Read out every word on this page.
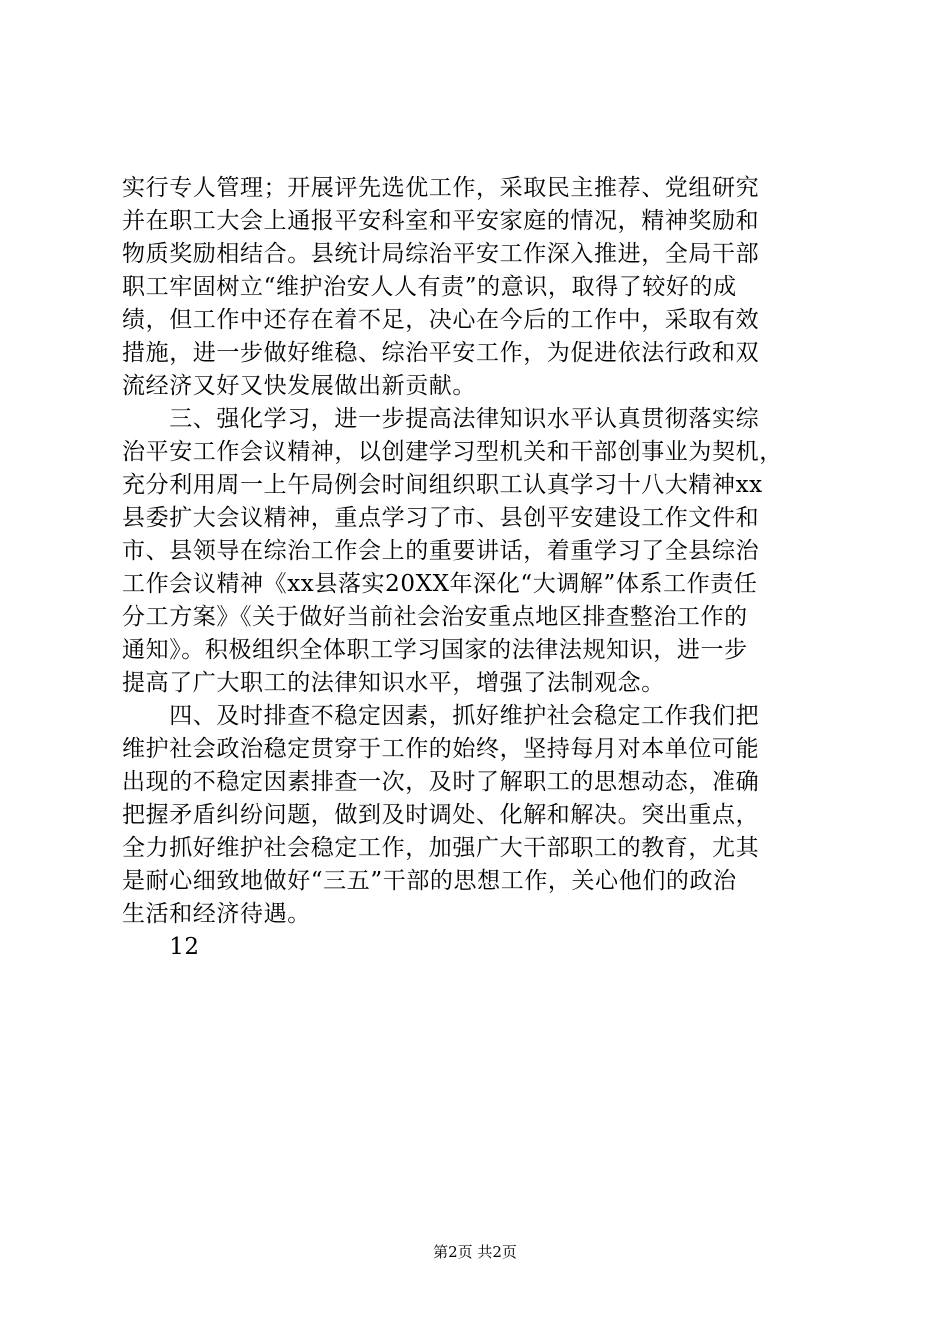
实行专人管理；开展评先选优工作，采取民主推荐、党组研究
并在职工大会上通报平安科室和平安家庭的情况，精神奖励和
物质奖励相结合。县统计局综治平安工作深入推进，全局干部
职工牢固树立“维护治安人人有责”的意识，取得了较好的成
绩，但工作中还存在着不足，决心在今后的工作中，采取有效
措施，进一步做好维稳、综治平安工作，为促进依法行政和双
流经济又好又快发展做出新贡献。
　　三、强化学习，进一步提高法律知识水平认真贯彻落实综
治平安工作会议精神，以创建学习型机关和干部创事业为契机，
充分利用周一上午局例会时间组织职工认真学习十八大精神xx
县委扩大会议精神，重点学习了市、县创平安建设工作文件和
市、县领导在综治工作会上的重要讲话，着重学习了全县综治
工作会议精神《xx县落实20XX年深化“大调解”体系工作责任
分工方案》《关于做好当前社会治安重点地区排查整治工作的
通知》。积极组织全体职工学习国家的法律法规知识，进一步
提高了广大职工的法律知识水平，增强了法制观念。
　　四、及时排查不稳定因素，抓好维护社会稳定工作我们把
维护社会政治稳定贯穿于工作的始终，坚持每月对本单位可能
出现的不稳定因素排查一次，及时了解职工的思想动态，准确
把握矛盾纠纷问题，做到及时调处、化解和解决。突出重点，
全力抓好维护社会稳定工作，加强广大干部职工的教育，尤其
是耐心细致地做好“三五”干部的思想工作，关心他们的政治
生活和经济待遇。
　　12
第2页 共2页
